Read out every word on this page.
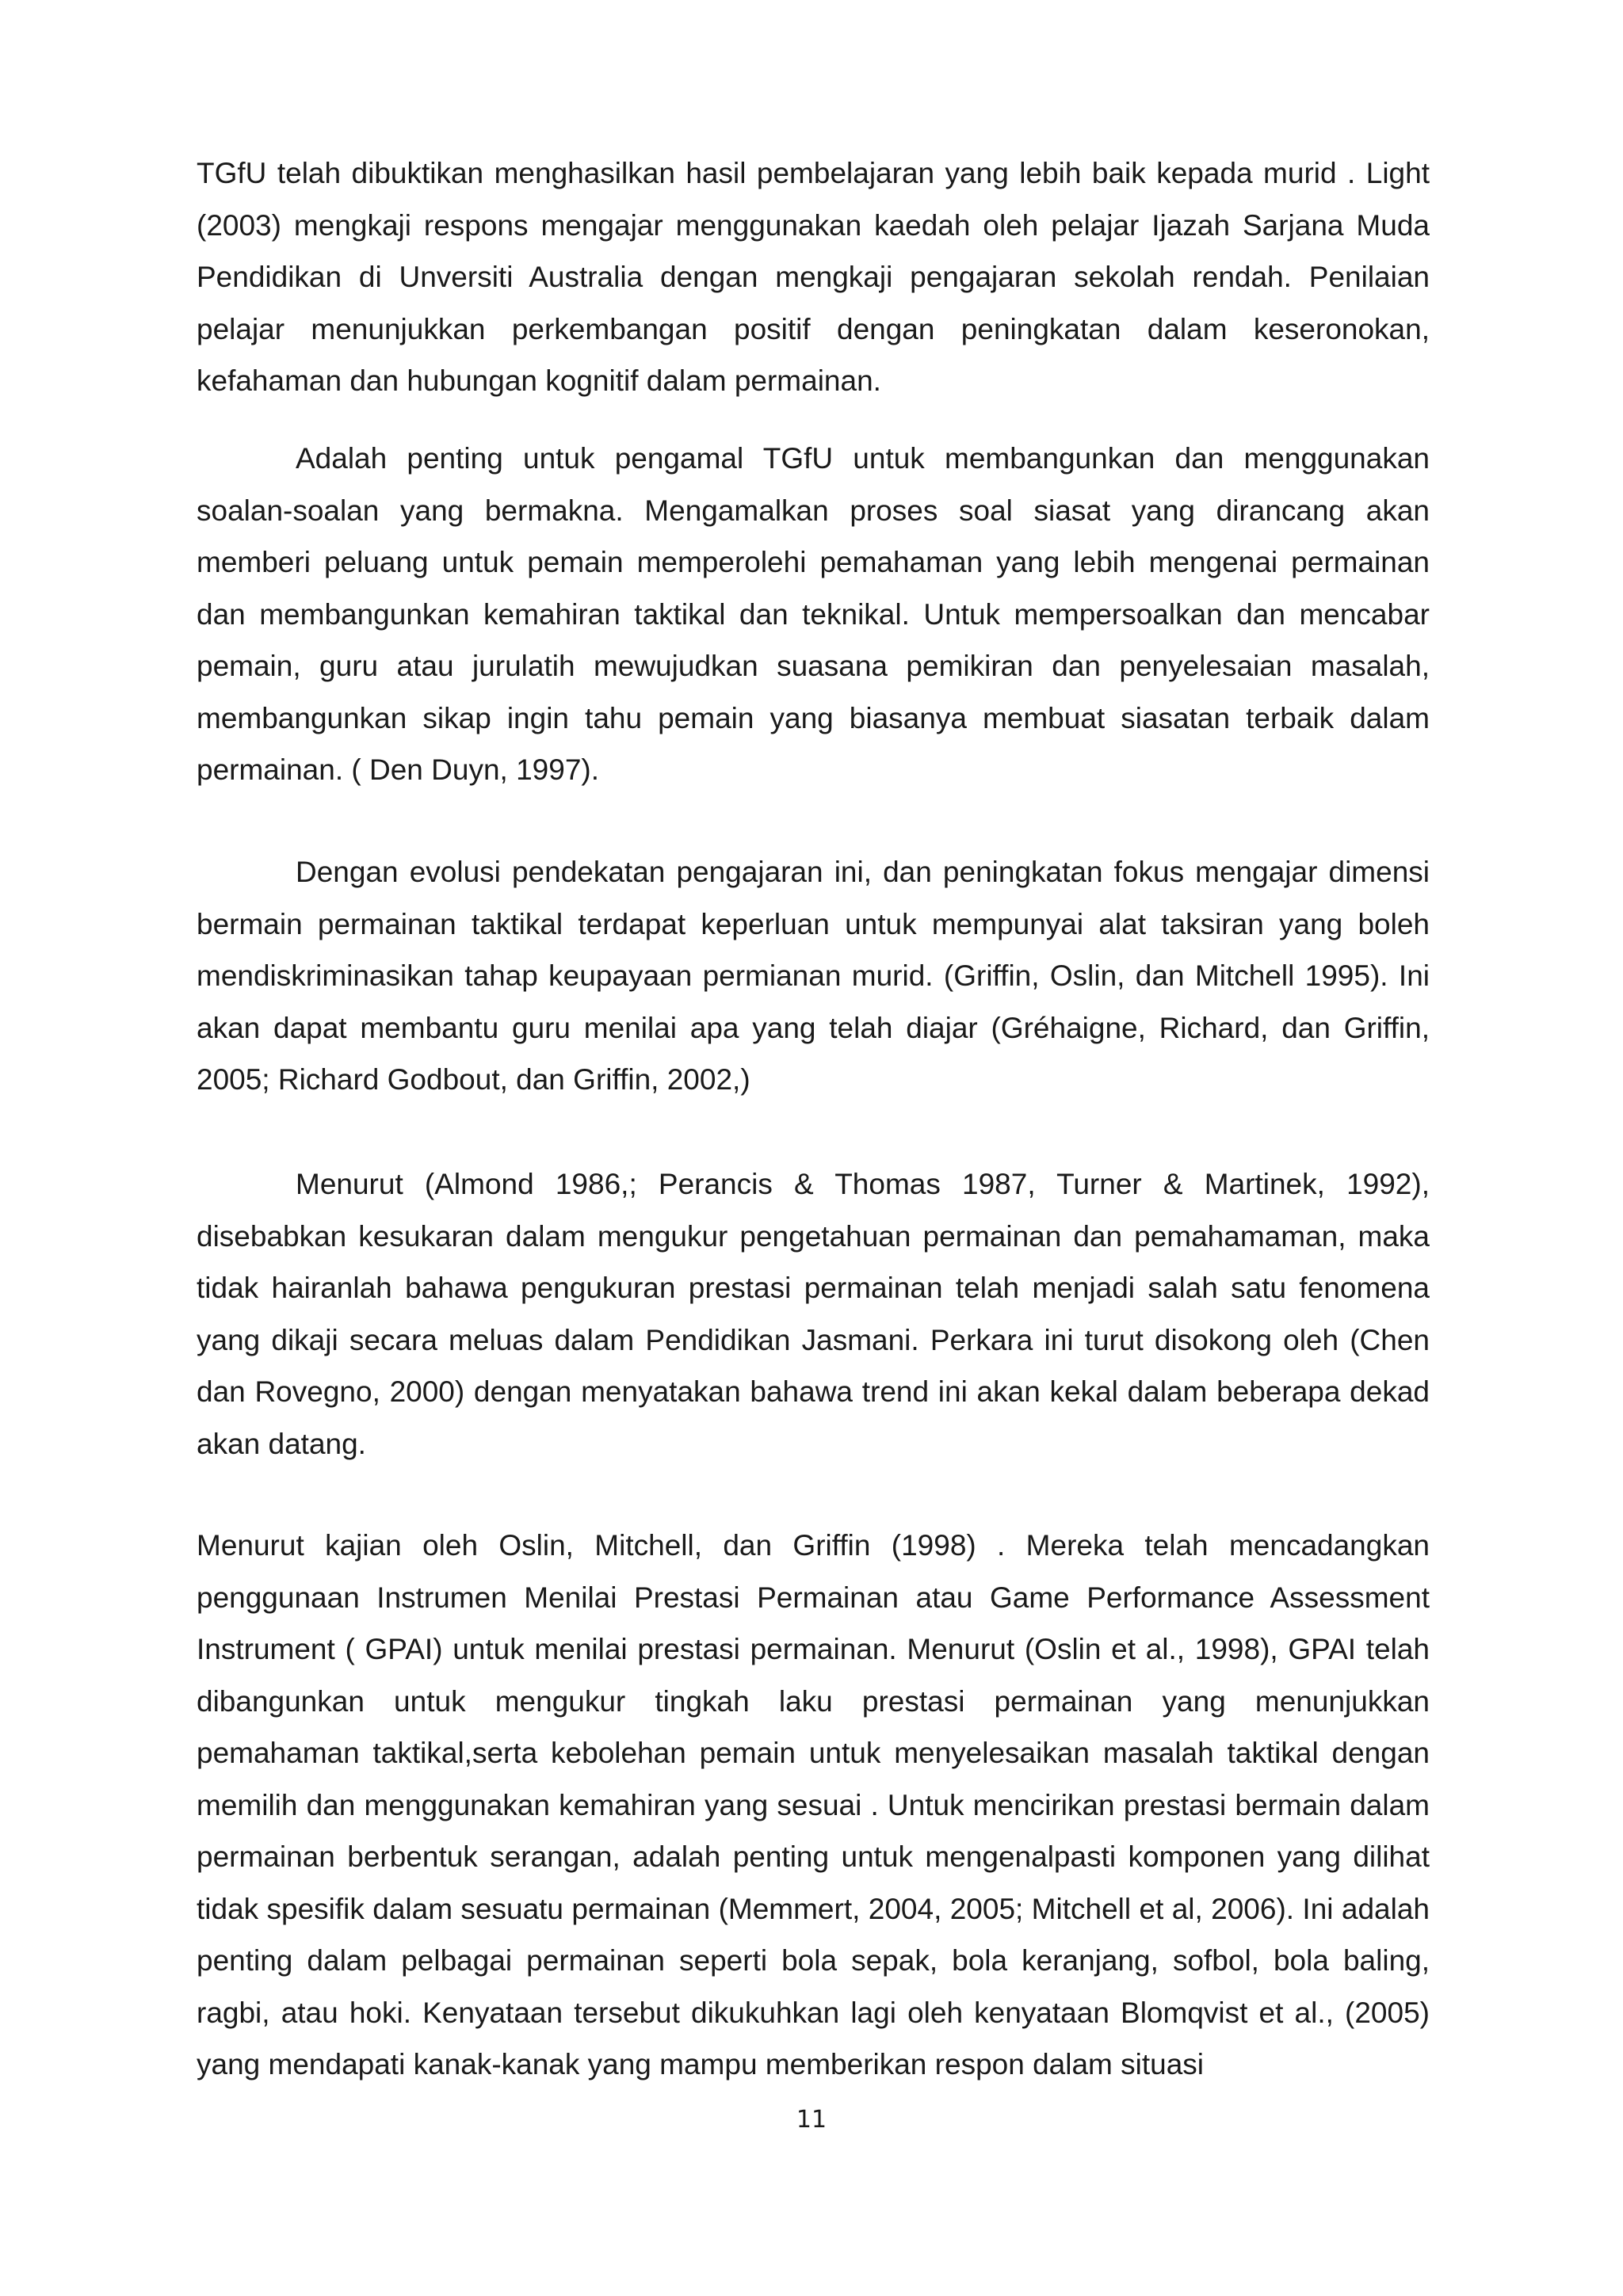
TGfU telah dibuktikan menghasilkan hasil pembelajaran yang lebih baik kepada murid . Light (2003) mengkaji respons mengajar menggunakan kaedah oleh pelajar Ijazah Sarjana Muda Pendidikan di Unversiti Australia dengan mengkaji pengajaran sekolah rendah. Penilaian pelajar menunjukkan perkembangan positif dengan peningkatan dalam keseronokan, kefahaman dan hubungan kognitif dalam permainan.

Adalah penting untuk pengamal TGfU untuk membangunkan dan menggunakan soalan-soalan yang bermakna. Mengamalkan proses soal siasat yang dirancang akan memberi peluang untuk pemain memperolehi pemahaman yang lebih mengenai permainan dan membangunkan kemahiran taktikal dan teknikal. Untuk mempersoalkan dan mencabar pemain, guru atau jurulatih mewujudkan suasana pemikiran dan penyelesaian masalah, membangunkan sikap ingin tahu pemain yang biasanya membuat siasatan terbaik dalam permainan. ( Den Duyn, 1997).

Dengan evolusi pendekatan pengajaran ini, dan peningkatan fokus mengajar dimensi bermain permainan taktikal terdapat keperluan untuk mempunyai alat taksiran yang boleh mendiskriminasikan tahap keupayaan permianan murid. (Griffin, Oslin, dan Mitchell 1995). Ini akan dapat membantu guru menilai apa yang telah diajar (Gréhaigne, Richard, dan Griffin, 2005; Richard Godbout, dan Griffin, 2002,)

Menurut (Almond 1986,; Perancis & Thomas 1987, Turner & Martinek, 1992), disebabkan kesukaran dalam mengukur pengetahuan permainan dan pemahamaman, maka tidak hairanlah bahawa pengukuran prestasi permainan telah menjadi salah satu fenomena yang dikaji secara meluas dalam Pendidikan Jasmani. Perkara ini turut disokong oleh (Chen dan Rovegno, 2000) dengan menyatakan bahawa trend ini akan kekal dalam beberapa dekad akan datang.

Menurut kajian oleh Oslin, Mitchell, dan Griffin (1998) . Mereka telah mencadangkan penggunaan Instrumen Menilai Prestasi Permainan atau Game Performance Assessment Instrument ( GPAI) untuk menilai prestasi permainan. Menurut (Oslin et al., 1998), GPAI telah dibangunkan untuk mengukur tingkah laku prestasi permainan yang menunjukkan pemahaman taktikal,serta kebolehan pemain untuk menyelesaikan masalah taktikal dengan memilih dan menggunakan kemahiran yang sesuai . Untuk mencirikan prestasi bermain dalam permainan berbentuk serangan, adalah penting untuk mengenalpasti komponen yang dilihat tidak spesifik dalam sesuatu permainan (Memmert, 2004, 2005; Mitchell et al, 2006). Ini adalah penting dalam pelbagai permainan seperti bola sepak, bola keranjang, sofbol, bola baling, ragbi, atau hoki. Kenyataan tersebut dikukuhkan lagi oleh kenyataan Blomqvist et al., (2005) yang mendapati kanak-kanak yang mampu memberikan respon dalam situasi

11
